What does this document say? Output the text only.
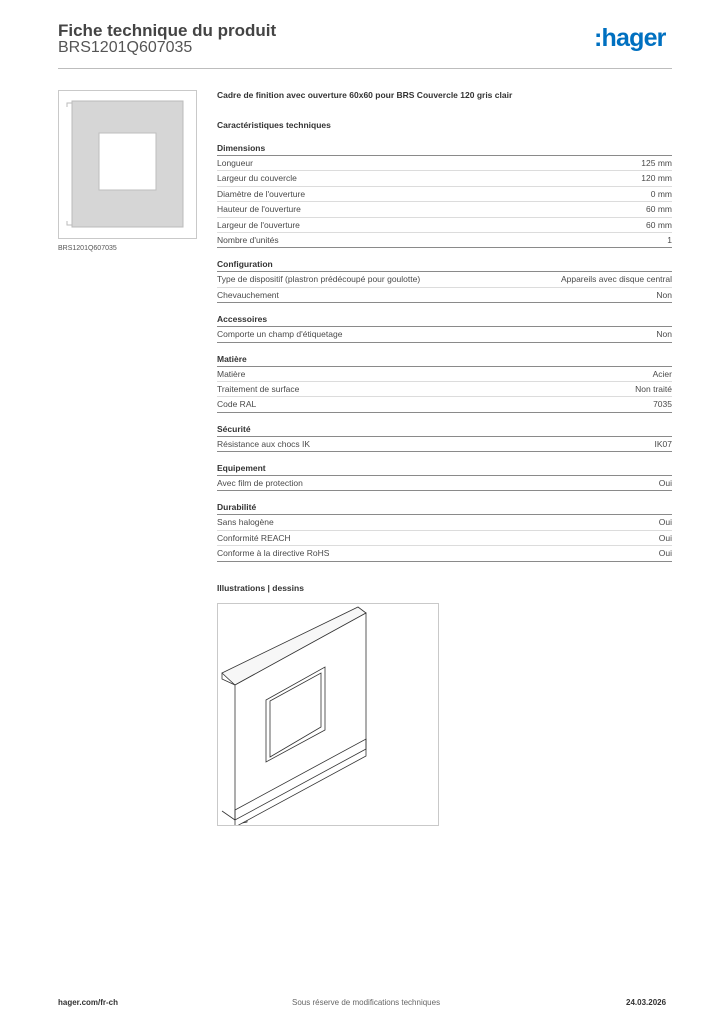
Fiche technique du produit
BRS1201Q607035	:hager
BRS1201Q607035
Cadre de finition avec ouverture 60x60 pour BRS Couvercle 120 gris clair
Caractéristiques techniques
Dimensions
Longueur	125 mm
Largeur du couvercle	120 mm
Diamètre de l'ouverture	0 mm
Hauteur de l'ouverture	60 mm
Largeur de l'ouverture	60 mm
Nombre d'unités	1
Configuration
Type de dispositif (plastron prédécoupé pour goulotte)	Appareils avec disque central
Chevauchement	Non
Accessoires
Comporte un champ d'étiquetage	Non
Matière
Matière	Acier
Traitement de surface	Non traité
Code RAL	7035
Sécurité
Résistance aux chocs IK	IK07
Equipement
Avec film de protection	Oui
Durabilité
Sans halogène	Oui
Conformité REACH	Oui
Conforme à la directive RoHS	Oui
Illustrations | dessins
hager.com/fr-ch	Sous réserve de modifications techniques	24.03.2026
